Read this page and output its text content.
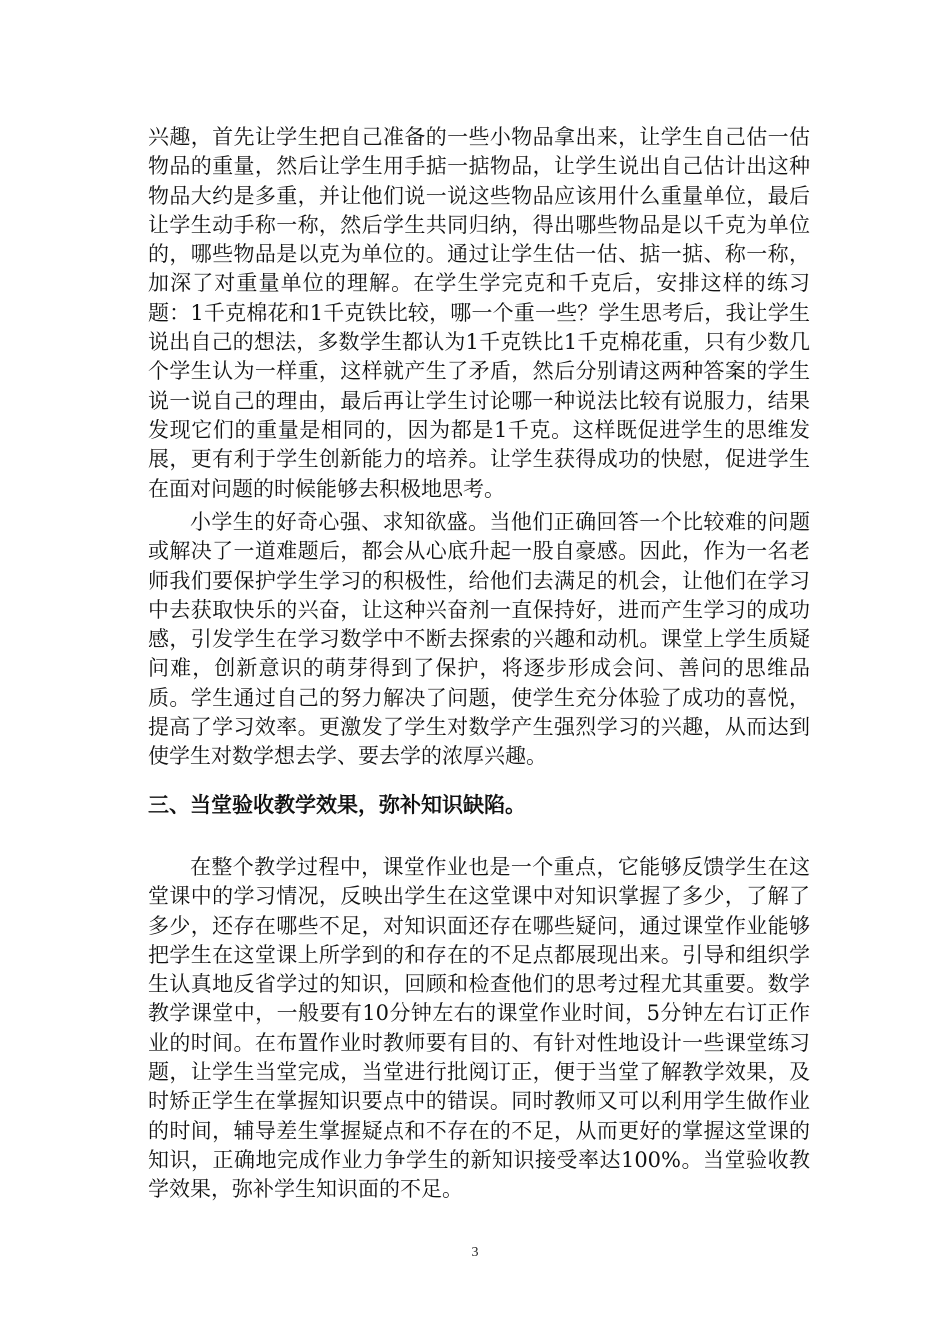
兴趣，首先让学生把自己准备的一些小物品拿出来，让学生自己估一估物品的重量，然后让学生用手掂一掂物品，让学生说出自己估计出这种物品大约是多重，并让他们说一说这些物品应该用什么重量单位，最后让学生动手称一称，然后学生共同归纳，得出哪些物品是以千克为单位的，哪些物品是以克为单位的。通过让学生估一估、掂一掂、称一称，加深了对重量单位的理解。在学生学完克和千克后，安排这样的练习题：1千克棉花和1千克铁比较，哪一个重一些？学生思考后，我让学生说出自己的想法，多数学生都认为1千克铁比1千克棉花重，只有少数几个学生认为一样重，这样就产生了矛盾，然后分别请这两种答案的学生说一说自己的理由，最后再让学生讨论哪一种说法比较有说服力，结果发现它们的重量是相同的，因为都是1千克。这样既促进学生的思维发展，更有利于学生创新能力的培养。让学生获得成功的快慰，促进学生在面对问题的时候能够去积极地思考。

小学生的好奇心强、求知欲盛。当他们正确回答一个比较难的问题或解决了一道难题后，都会从心底升起一股自豪感。因此，作为一名老师我们要保护学生学习的积极性，给他们去满足的机会，让他们在学习中去获取快乐的兴奋，让这种兴奋剂一直保持好，进而产生学习的成功感，引发学生在学习数学中不断去探索的兴趣和动机。课堂上学生质疑问难，创新意识的萌芽得到了保护，将逐步形成会问、善问的思维品质。学生通过自己的努力解决了问题，使学生充分体验了成功的喜悦，提高了学习效率。更激发了学生对数学产生强烈学习的兴趣，从而达到使学生对数学想去学、要去学的浓厚兴趣。

三、当堂验收教学效果，弥补知识缺陷。

在整个教学过程中，课堂作业也是一个重点，它能够反馈学生在这堂课中的学习情况，反映出学生在这堂课中对知识掌握了多少，了解了多少，还存在哪些不足，对知识面还存在哪些疑问，通过课堂作业能够把学生在这堂课上所学到的和存在的不足点都展现出来。引导和组织学生认真地反省学过的知识，回顾和检查他们的思考过程尤其重要。数学教学课堂中，一般要有10分钟左右的课堂作业时间，5分钟左右订正作业的时间。在布置作业时教师要有目的、有针对性地设计一些课堂练习题，让学生当堂完成，当堂进行批阅订正，便于当堂了解教学效果，及时矫正学生在掌握知识要点中的错误。同时教师又可以利用学生做作业的时间，辅导差生掌握疑点和不存在的不足，从而更好的掌握这堂课的知识，正确地完成作业力争学生的新知识接受率达100%。当堂验收教学效果，弥补学生知识面的不足。

3
